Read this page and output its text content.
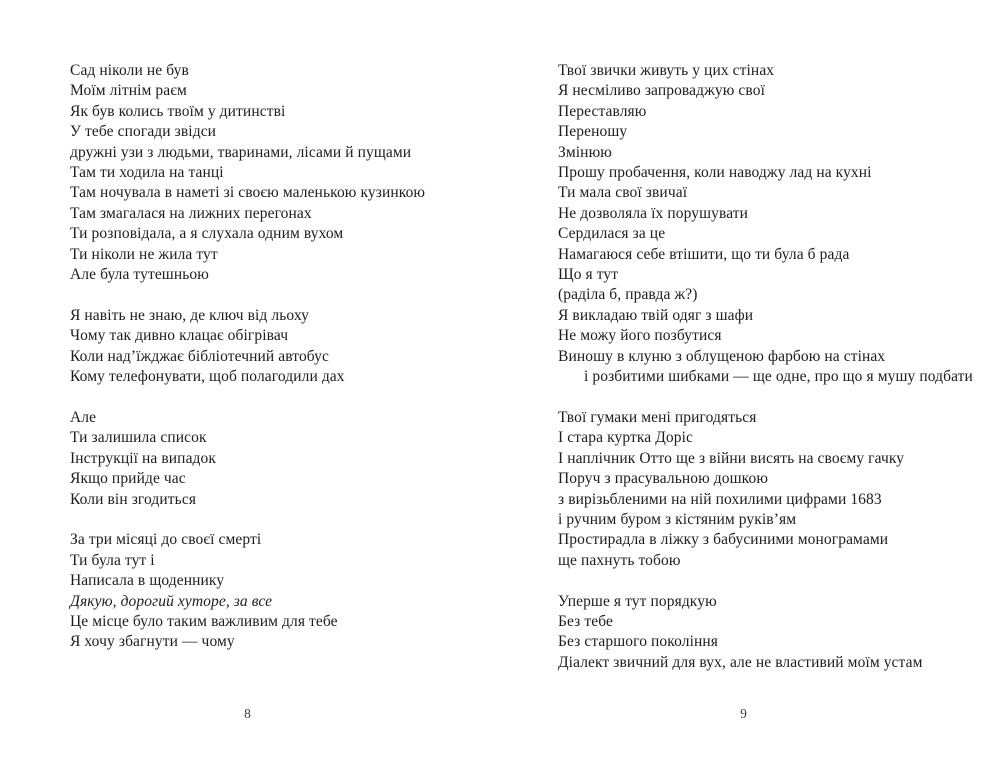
Сад ніколи не був
Моїм літнім раєм
Як був колись твоїм у дитинстві
У тебе спогади звідси
дружні узи з людьми, тваринами, лісами й пущами
Там ти ходила на танці
Там ночувала в наметі зі своєю маленькою кузинкою
Там змагалася на лижних перегонах
Ти розповідала, а я слухала одним вухом
Ти ніколи не жила тут
Але була тутешньою
Я навіть не знаю, де ключ від льоху
Чому так дивно клацає обігрівач
Коли над’їжджає бібліотечний автобус
Кому телефонувати, щоб полагодили дах
Але
Ти залишила список
Інструкції на випадок
Якщо прийде час
Коли він згодиться
За три місяці до своєї смерті
Ти була тут і
Написала в щоденнику
Дякую, дорогий хуторе, за все
Це місце було таким важливим для тебе
Я хочу збагнути — чому
8
Твої звички живуть у цих стінах
Я несміливо запроваджую свої
Переставляю
Переношу
Змінюю
Прошу пробачення, коли наводжу лад на кухні
Ти мала свої звичаї
Не дозволяла їх порушувати
Сердилася за це
Намагаюся себе втішити, що ти була б рада
Що я тут
(раділа б, правда ж?)
Я викладаю твій одяг з шафи
Не можу його позбутися
Виношу в клуню з облущеною фарбою на стінах
і розбитими шибками — ще одне, про що я мушу подбати
Твої гумаки мені пригодяться
І стара куртка Доріс
І наплічник Отто ще з війни висять на своєму гачку
Поруч з прасувальною дошкою
з вирізьбленими на ній похилими цифрами 1683
і ручним буром з кістяним руків’ям
Простирадла в ліжку з бабусиними монограмами
ще пахнуть тобою
Уперше я тут порядкую
Без тебе
Без старшого покоління
Діалект звичний для вух, але не властивий моїм устам
9
